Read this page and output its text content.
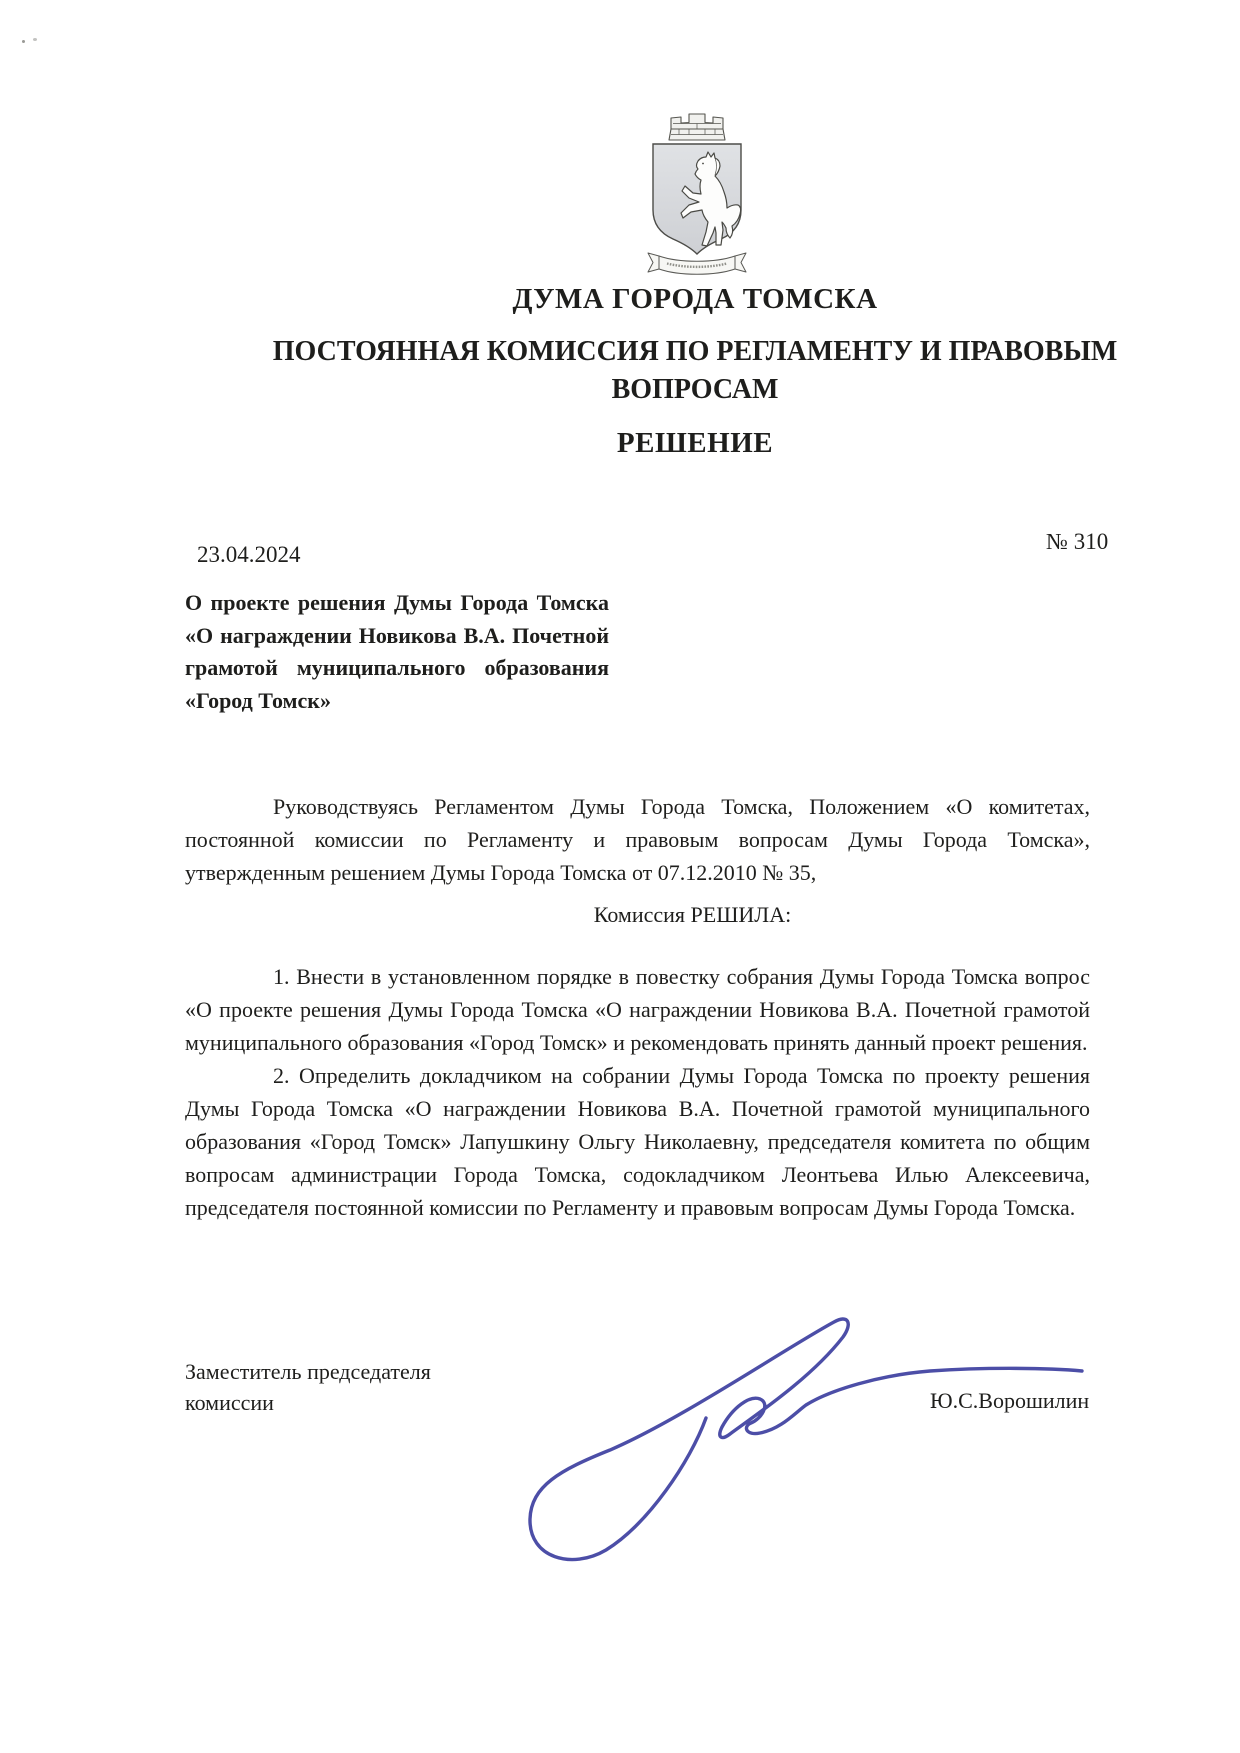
ДУМА ГОРОДА ТОМСКА
ПОСТОЯННАЯ КОМИССИЯ ПО РЕГЛАМЕНТУ И ПРАВОВЫМ ВОПРОСАМ
РЕШЕНИЕ
23.04.2024
№ 310
О проекте решения Думы Города Томска «О награждении Новикова В.А. Почетной грамотой муниципального образования «Город Томск»

Руководствуясь Регламентом Думы Города Томска, Положением «О комитетах, постоянной комиссии по Регламенту и правовым вопросам Думы Города Томска», утвержденным решением Думы Города Томска от 07.12.2010 № 35,

Комиссия РЕШИЛА:

1. Внести в установленном порядке в повестку собрания Думы Города Томска вопрос «О проекте решения Думы Города Томска «О награждении Новикова В.А. Почетной грамотой муниципального образования «Город Томск» и рекомендовать принять данный проект решения.

2. Определить докладчиком на собрании Думы Города Томска по проекту решения Думы Города Томска «О награждении Новикова В.А. Почетной грамотой муниципального образования «Город Томск» Лапушкину Ольгу Николаевну, председателя комитета по общим вопросам администрации Города Томска, содокладчиком Леонтьева Илью Алексеевича, председателя постоянной комиссии по Регламенту и правовым вопросам Думы Города Томска.

Заместитель председателя комиссии	Ю.С.Ворошилин
